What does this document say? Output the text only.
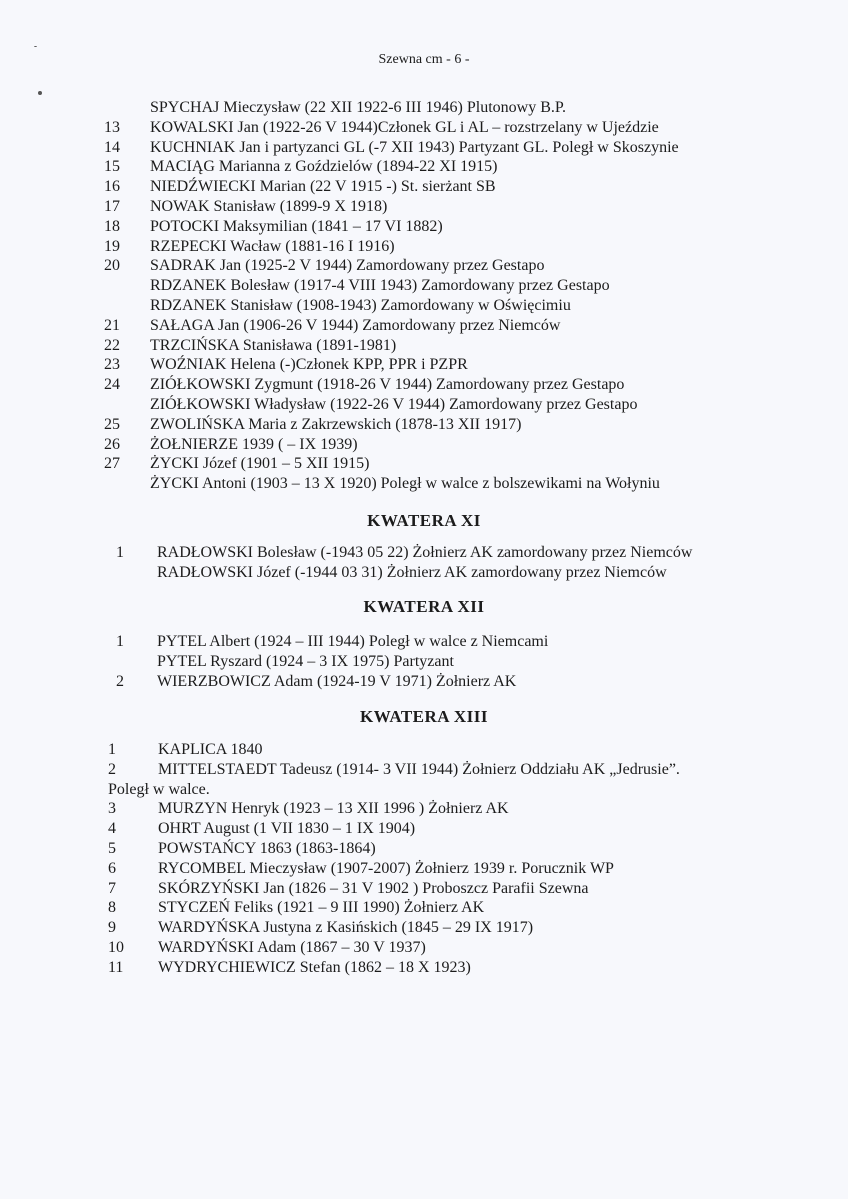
Szewna cm - 6 -
SPYCHAJ Mieczysław (22 XII 1922-6 III 1946) Plutonowy B.P.
13 KOWALSKI Jan (1922-26 V 1944)Członek GL i AL – rozstrzelany w Ujeździe
14 KUCHNIAK Jan i partyzanci GL (-7 XII 1943) Partyzant GL. Poległ w Skoszynie
15 MACIĄG Marianna z Goździelów (1894-22 XI 1915)
16 NIEDŹWIECKI Marian (22 V 1915 -) St. sierżant SB
17 NOWAK Stanisław (1899-9 X 1918)
18 POTOCKI Maksymilian (1841 – 17 VI 1882)
19 RZEPECKI Wacław (1881-16 I 1916)
20 SADRAK Jan (1925-2 V 1944) Zamordowany przez Gestapo
RDZANEK Bolesław (1917-4 VIII 1943) Zamordowany przez Gestapo
RDZANEK Stanisław (1908-1943) Zamordowany w Oświęcimiu
21 SAŁAGA Jan (1906-26 V 1944) Zamordowany przez Niemców
22 TRZCIŃSKA Stanisława (1891-1981)
23 WOŹNIAK Helena (-)Członek KPP, PPR i PZPR
24 ZIÓŁKOWSKI Zygmunt (1918-26 V 1944) Zamordowany przez Gestapo
ZIÓŁKOWSKI Władysław (1922-26 V 1944) Zamordowany przez Gestapo
25 ZWOLIŃSKA Maria z Zakrzewskich (1878-13 XII 1917)
26 ŻOŁNIERZE 1939 ( – IX 1939)
27 ŻYCKI Józef (1901 – 5 XII 1915)
ŻYCKI Antoni (1903 – 13 X 1920) Poległ w walce z bolszewikami na Wołyniu
KWATERA XI
1 RADŁOWSKI Bolesław (-1943 05 22) Żołnierz AK zamordowany przez Niemców
RADŁOWSKI Józef (-1944 03 31) Żołnierz AK zamordowany przez Niemców
KWATERA XII
1 PYTEL Albert (1924 – III 1944) Poległ w walce z Niemcami
PYTEL Ryszard (1924 – 3 IX 1975) Partyzant
2 WIERZBOWICZ Adam (1924-19 V 1971) Żołnierz AK
KWATERA XIII
1	KAPLICA 1840
2	MITTELSTAEDT Tadeusz (1914- 3 VII 1944) Żołnierz Oddziału AK „Jedrusie”.
Poległ w walce.
3	MURZYN Henryk (1923 – 13 XII 1996 ) Żołnierz AK
4	OHRT August (1 VII 1830 – 1 IX 1904)
5	POWSTAŃCY 1863 (1863-1864)
6	RYCOMBEL Mieczysław (1907-2007) Żołnierz 1939 r. Porucznik WP
7	SKÓRZYŃSKI Jan (1826 – 31 V 1902 ) Proboszcz Parafii Szewna
8	STYCZEŃ Feliks (1921 – 9 III 1990) Żołnierz AK
9	WARDYŃSKA Justyna z Kasińskich (1845 – 29 IX 1917)
10 WARDYŃSKI Adam (1867 – 30 V 1937)
11 WYDRYCHIEWICZ Stefan (1862 – 18 X 1923)
